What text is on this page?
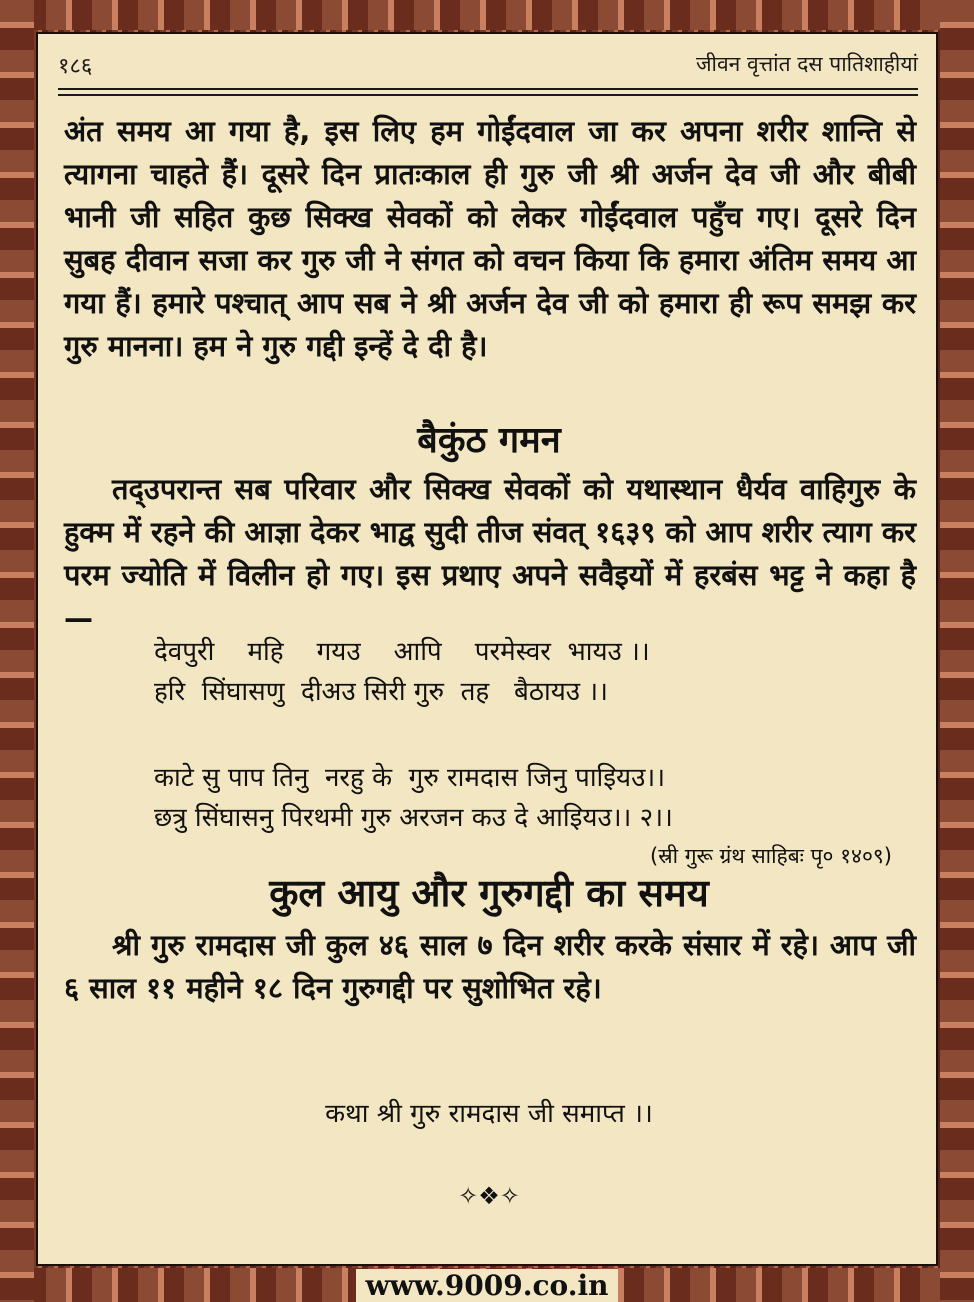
१८६	जीवन वृत्तांत दस पातिशाहीयां

अंत समय आ गया है, इस लिए हम गोईंदवाल जा कर अपना शरीर शान्ति से त्यागना चाहते हैं। दूसरे दिन प्रातःकाल ही गुरु जी श्री अर्जन देव जी और बीबी भानी जी सहित कुछ सिक्ख सेवकों को लेकर गोईंदवाल पहुँच गए। दूसरे दिन सुबह दीवान सजा कर गुरु जी ने संगत को वचन किया कि हमारा अंतिम समय आ गया हैं। हमारे पश्चात् आप सब ने श्री अर्जन देव जी को हमारा ही रूप समझ कर गुरु मानना। हम ने गुरु गद्दी इन्हें दे दी है।

बैकुंठ गमन

तद्उपरान्त सब परिवार और सिक्ख सेवकों को यथास्थान धैर्यव वाहिगुरु के हुक्म में रहने की आज्ञा देकर भाद्व सुदी तीज संवत् १६३९ को आप शरीर त्याग कर परम ज्योति में विलीन हो गए। इस प्रथाए अपने सवैइयों में हरबंस भट्ट ने कहा है—

देवपुरी    महि    गयउ    आपि    परमेस्वर  भायउ ।।
हरि  सिंघासणु  दीअउ सिरी गुरु  तह   बैठायउ ।।
काटे सु पाप तिनु  नरहु के  गुरु रामदास जिनु पाइियउ।।
छत्रु सिंघासनु पिरथमी गुरु अरजन कउ दे आइियउ।। २।।
(स्री गुरू ग्रंथ साहिबः पृ० १४०९)
कुल आयु और गुरुगद्दी का समय

श्री गुरु रामदास जी कुल ४६ साल ७ दिन शरीर करके संसार में रहे। आप जी ६ साल ११ महीने १८ दिन गुरुगद्दी पर सुशोभित रहे।

कथा श्री गुरु रामदास जी समाप्त ।।
✧❖✧
www.9009.co.in
